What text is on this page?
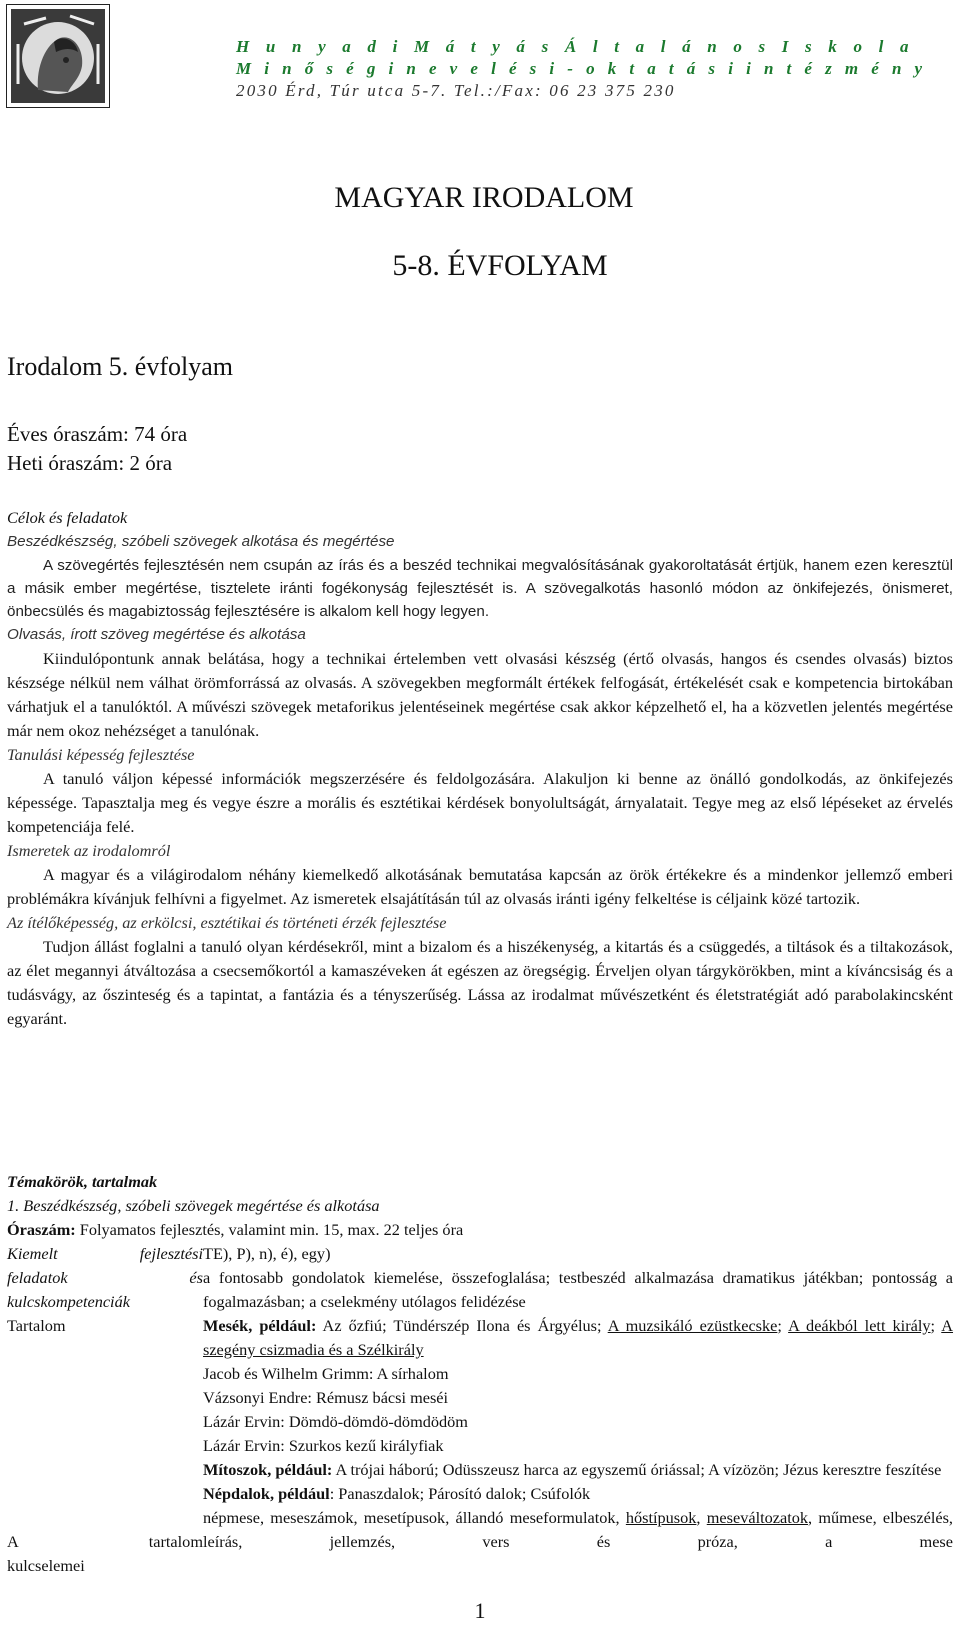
H u n y a d i M á t y á s Á l t a l á n o s I s k o l a
M i n ő s é g i n e v e l é s i - o k t a t á s i i n t é z m é n y
2030 Érd, Túr utca 5-7. Tel.:/Fax: 06 23 375 230
MAGYAR IRODALOM
5-8. ÉVFOLYAM
Irodalom 5. évfolyam
Éves óraszám: 74 óra
Heti óraszám: 2 óra
Célok és feladatok
Beszédkészség, szóbeli szövegek alkotása és megértése
A szövegértés fejlesztésén nem csupán az írás és a beszéd technikai megvalósításának gyakoroltatását értjük, hanem ezen keresztül a másik ember megértése, tisztelete iránti fogékonyság fejlesztését is. A szövegalkotás hasonló módon az önkifejezés, önismeret, önbecsülés és magabiztosság fejlesztésére is alkalom kell hogy legyen.
Olvasás, írott szöveg megértése és alkotása
Kiindulópontunk annak belátása, hogy a technikai értelemben vett olvasási készség (értő olvasás, hangos és csendes olvasás) biztos készsége nélkül nem válhat örömforrássá az olvasás. A szövegekben megformált értékek felfogását, értékelését csak e kompetencia birtokában várhatjuk el a tanulóktól. A művészi szövegek metaforikus jelentéseinek megértése csak akkor képzelhető el, ha a közvetlen jelentés megértése már nem okoz nehézséget a tanulónak.
Tanulási képesség fejlesztése
A tanuló váljon képessé információk megszerzésére és feldolgozására. Alakuljon ki benne az önálló gondolkodás, az önkifejezés képessége. Tapasztalja meg és vegye észre a morális és esztétikai kérdések bonyolultságát, árnyalatait. Tegye meg az első lépéseket az érvelés kompetenciája felé.
Ismeretek az irodalomról
A magyar és a világirodalom néhány kiemelkedő alkotásának bemutatása kapcsán az örök értékekre és a mindenkor jellemző emberi problémákra kívánjuk felhívni a figyelmet. Az ismeretek elsajátításán túl az olvasás iránti igény felkeltése is céljaink közé tartozik.
Az ítélőképesség, az erkölcsi, esztétikai és történeti érzék fejlesztése
Tudjon állást foglalni a tanuló olyan kérdésekről, mint a bizalom és a hiszékenység, a kitartás és a csüggedés, a tiltások és a tiltakozások, az élet megannyi átváltozása a csecsemőkortól a kamaszéveken át egészen az öregségig. Érveljen olyan tárgykörökben, mint a kíváncsiság és a tudásvágy, az őszinteség és a tapintat, a fantázia és a tényszerűség. Lássa az irodalmat művészetként és életstratégiát adó parabolakincsként egyaránt.
Témakörök, tartalmak
1. Beszédkészség, szóbeli szövegek megértése és alkotása
Óraszám: Folyamatos fejlesztés, valamint min. 15, max. 22 teljes óra
Kiemelt fejlesztési
feladatok és
kulcskompetenciák
Tartalom
A tartalom
kulcselemei
TE), P), n), é), egy)
a fontosabb gondolatok kiemelése, összefoglalása; testbeszéd alkalmazása dramatikus játékban; pontosság a fogalmazásban; a cselekmény utólagos felidézése
Mesék, például: Az őzfiú; Tündérszép Ilona és Árgyélus; A muzsikáló ezüstkecske; A deákból lett király; A szegény csizmadia és a Szélkirály
Jacob és Wilhelm Grimm: A sírhalom
Vázsonyi Endre: Rémusz bácsi meséi
Lázár Ervin: Dömdö-dömdö-dömdödöm
Lázár Ervin: Szurkos kezű királyfiak
Mítoszok, például: A trójai háború; Odüsszeusz harca az egyszemű óriással; A vízözön; Jézus keresztre feszítése
Népdalok, például: Panaszdalok; Párosító dalok; Csúfolók
népmese, meseszámok, mesetípusok, állandó meseformulatok, hőstípusok, meseváltozatok, műmese, elbeszélés, leírás, jellemzés, vers és próza, a mese
1
